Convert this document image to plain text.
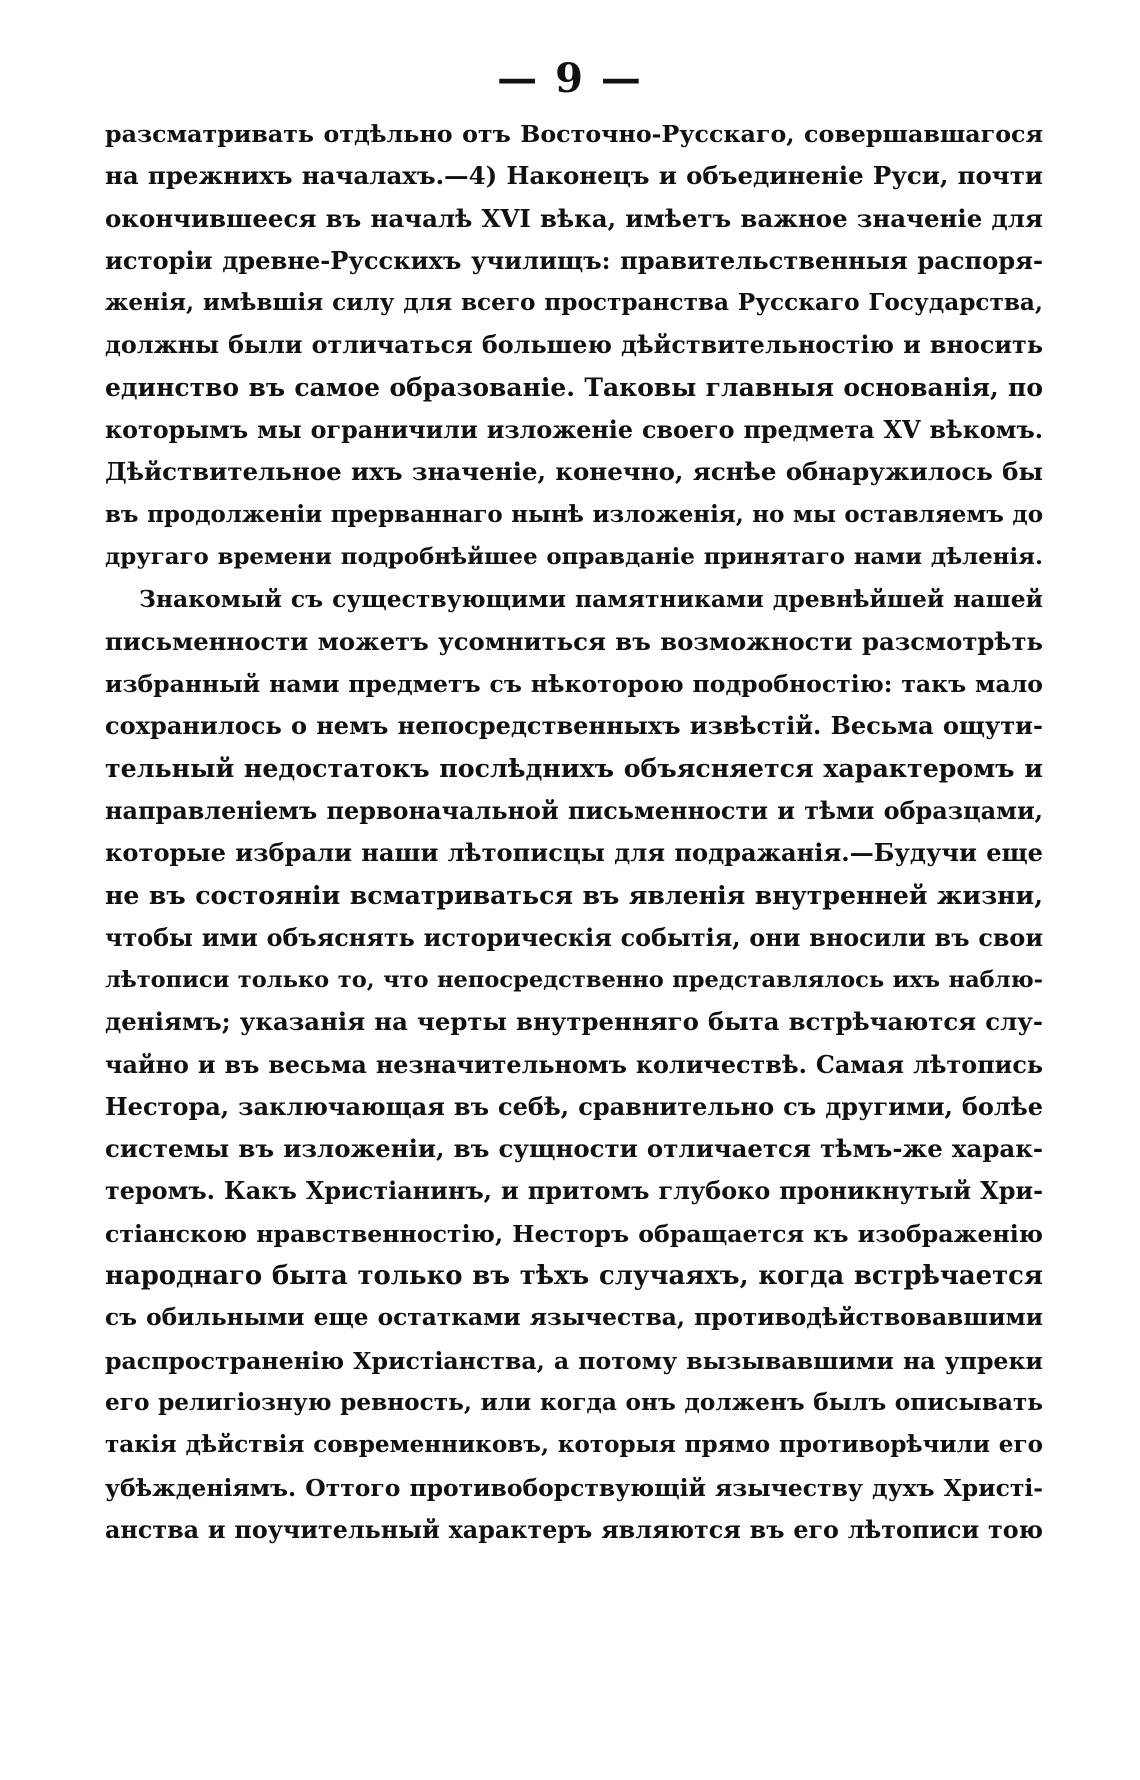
— 9 —
разсматривать отдѣльно отъ Восточно-Русскаго, совершавшагося
на прежнихъ началахъ.—4) Наконецъ и объединенiе Руси, почти
окончившееся въ началѣ XVI вѣка, имѣетъ важное значенiе для
исторiи древне-Русскихъ училищъ: правительственныя распоря-
женiя, имѣвшiя силу для всего пространства Русскаго Государства,
должны были отличаться большею дѣйствительностiю и вносить
единство въ самое образованiе. Таковы главныя основанiя, по
которымъ мы ограничили изложенiе своего предмета XV вѣкомъ.
Дѣйствительное ихъ значенiе, конечно, яснѣе обнаружилось бы
въ продолженiи прерваннаго нынѣ изложенiя, но мы оставляемъ до
другаго времени подробнѣйшее оправданiе принятаго нами дѣленiя.
Знакомый съ существующими памятниками древнѣйшей нашей
письменности можетъ усомниться въ возможности разсмотрѣть
избранный нами предметъ съ нѣкоторою подробностiю: такъ мало
сохранилось о немъ непосредственныхъ извѣстiй. Весьма ощути-
тельный недостатокъ послѣднихъ объясняется характеромъ и
направленiемъ первоначальной письменности и тѣми образцами,
которые избрали наши лѣтописцы для подражанiя.—Будучи еще
не въ состоянiи всматриваться въ явленiя внутренней жизни,
чтобы ими объяснять историческiя событiя, они вносили въ свои
лѣтописи только то, что непосредственно представлялось ихъ наблю-
денiямъ; указанiя на черты внутренняго быта встрѣчаются слу-
чайно и въ весьма незначительномъ количествѣ. Самая лѣтопись
Нестора, заключающая въ себѣ, сравнительно съ другими, болѣе
системы въ изложенiи, въ сущности отличается тѣмъ-же харак-
теромъ. Какъ Христiанинъ, и притомъ глубоко проникнутый Хри-
стiанскою нравственностiю, Несторъ обращается къ изображенiю
народнаго быта только въ тѣхъ случаяхъ, когда встрѣчается
съ обильными еще остатками язычества, противодѣйствовавшими
распространенiю Христiанства, а потому вызывавшими на упреки
его религiозную ревность, или когда онъ долженъ былъ описывать
такiя дѣйствiя современниковъ, которыя прямо противорѣчили его
убѣжденiямъ. Оттого противоборствующiй язычеству духъ Христi-
анства и поучительный характеръ являются въ его лѣтописи тою
